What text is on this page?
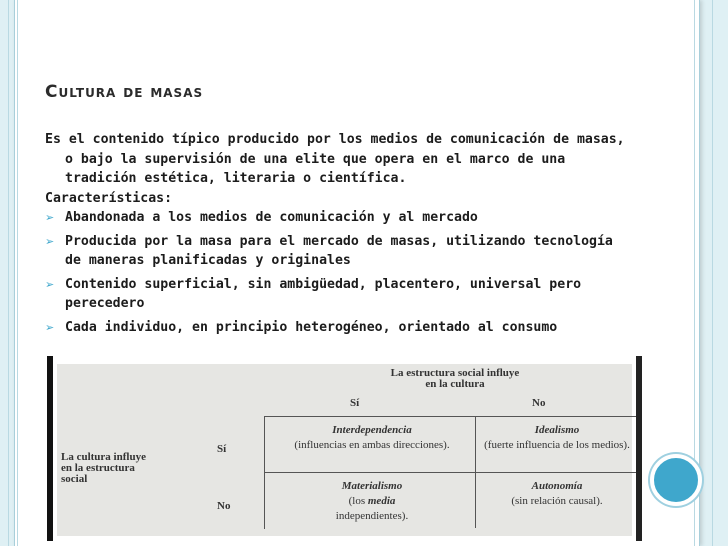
Cultura de masas

Es el contenido típico producido por los medios de comunicación de masas, o bajo la supervisión de una elite que opera en el marco de una tradición estética, literaria o científica.

Características:

➢ Abandonada a los medios de comunicación y al mercado
➢ Producida por la masa para el mercado de masas, utilizando tecnología de maneras planificadas y originales
➢ Contenido superficial, sin ambigüedad, placentero, universal pero perecedero
➢ Cada individuo, en principio heterogéneo, orientado al consumo
La estructura social influye en la cultura
Sí	No
La cultura influye en la estructura social
Sí
No
Interdependencia
(influencias en ambas direcciones).
Idealismo
(fuerte influencia de los medios).
Materialismo
(los media
independientes).
Autonomía
(sin relación causal).
